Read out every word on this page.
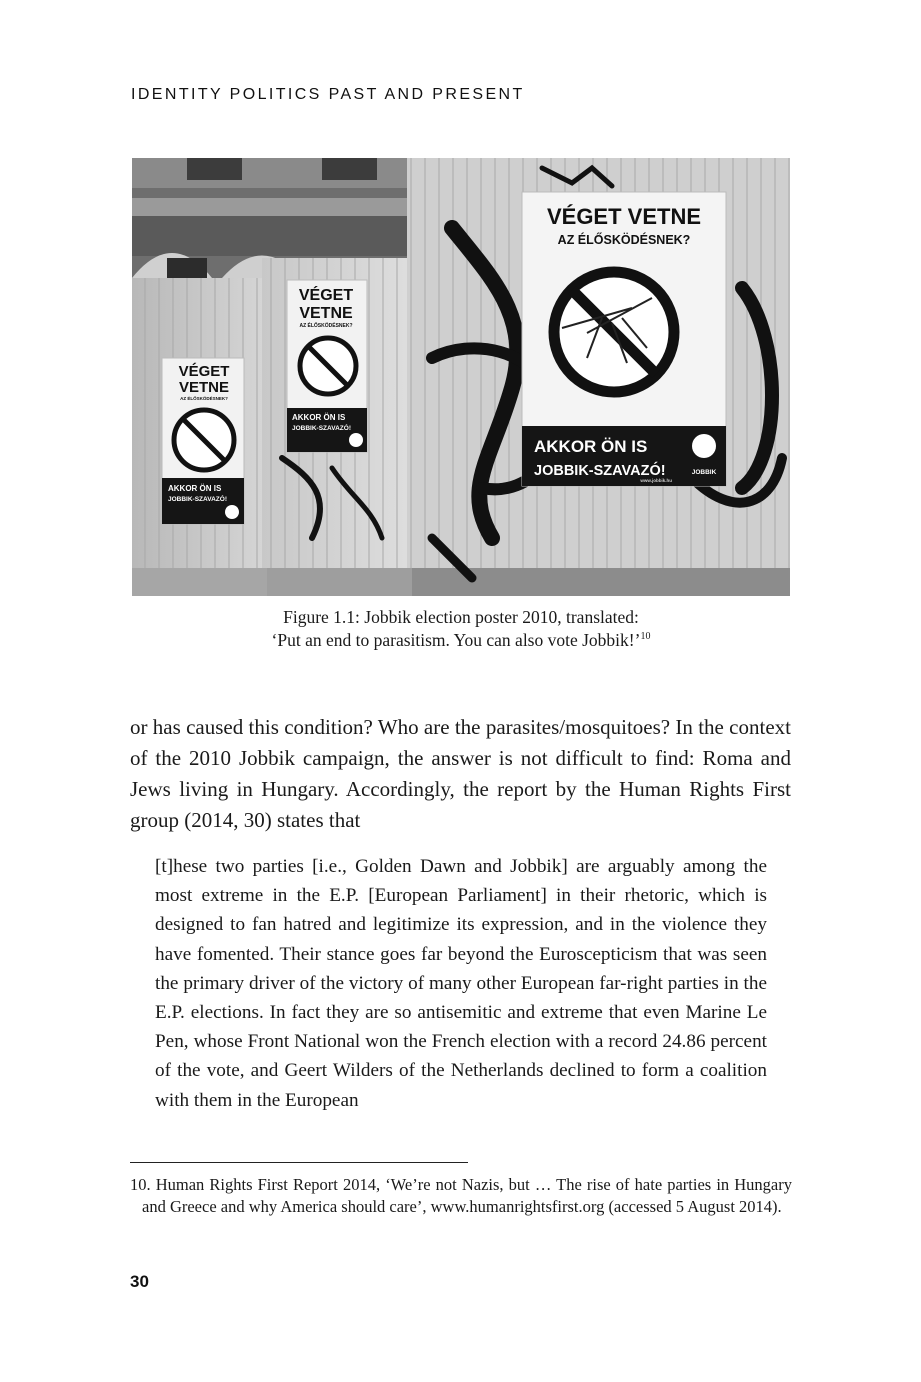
IDENTITY POLITICS PAST AND PRESENT
VÉGET VETNE
AZ ÉLŐSKÖDÉSNEK?
AKKOR ÖN IS
JOBBIK-SZAVAZÓ!	JOBBIK
www.jobbik.hu
VÉGET
VETNE
AZ ÉLŐSKÖDÉSNEK?
AKKOR ÖN IS
JOBBIK-SZAVAZÓ!
VÉGET
VETNE
AZ ÉLŐSKÖDÉSNEK?
AKKOR ÖN IS
JOBBIK-SZAVAZÓ!
Figure 1.1: Jobbik election poster 2010, translated:
‘Put an end to parasitism. You can also vote Jobbik!’$^{10}$

or has caused this condition? Who are the parasites/mosquitoes? In the context of the 2010 Jobbik campaign, the answer is not difficult to find: Roma and Jews living in Hungary. Accordingly, the report by the Human Rights First group (2014, 30) states that

[t]hese two parties [i.e., Golden Dawn and Jobbik] are arguably among the most extreme in the E.P. [European Parliament] in their rhetoric, which is designed to fan hatred and legitimize its expression, and in the violence they have fomented. Their stance goes far beyond the Euroscepticism that was seen the primary driver of the victory of many other European far-right parties in the E.P. elections. In fact they are so antisemitic and extreme that even Marine Le Pen, whose Front National won the French election with a record 24.86 percent of the vote, and Geert Wilders of the Netherlands declined to form a coalition with them in the European

10. Human Rights First Report 2014, ‘We’re not Nazis, but … The rise of hate parties in Hungary and Greece and why America should care’, www.humanrightsfirst.org (accessed 5 August 2014).
30
